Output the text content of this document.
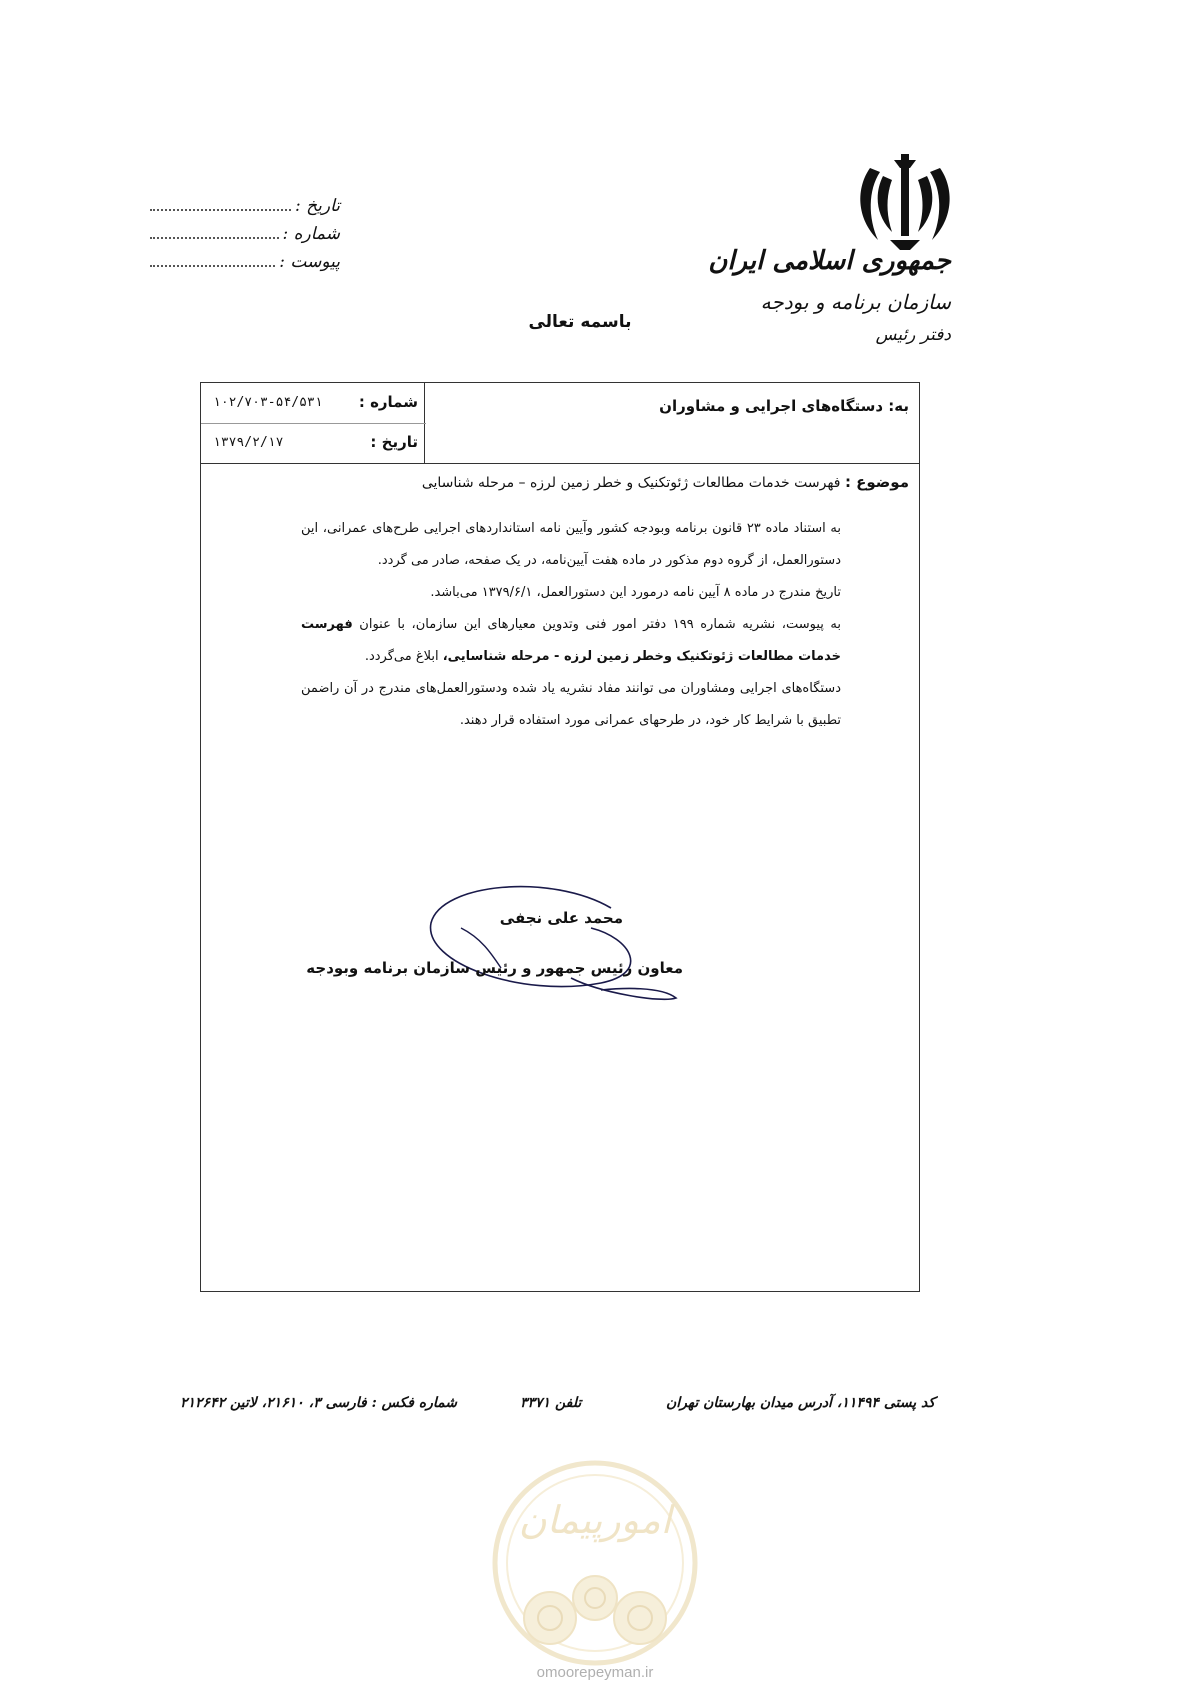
جمهوری اسلامی ایران
سازمان برنامه و بودجه
دفتر رئیس
تاریخ :
شماره :
پیوست :
باسمه تعالی
به: دستگاه‌های اجرایی و مشاوران
شماره :
۱۰۲/۷۰۳-۵۴/۵۳۱
تاریخ :
۱۳۷۹/۲/۱۷
موضوع : فهرست خدمات مطالعات ژئوتکنیک و خطر زمین لرزه – مرحله شناسایی

به استناد ماده ۲۳ قانون برنامه وبودجه کشور وآیین نامه استانداردهای اجرایی طرح‌های عمرانی، این دستورالعمل، از گروه دوم مذکور در ماده هفت آیین‌نامه، در یک صفحه، صادر می گردد.

تاریخ مندرج در ماده ۸ آیین نامه درمورد این دستورالعمل، ۱۳۷۹/۶/۱ می‌باشد.

به پیوست، نشریه شماره ۱۹۹ دفتر امور فنی وتدوین معیارهای این سازمان، با عنوان فهرست خدمات مطالعات ژئوتکنیک وخطر زمین لرزه - مرحله شناسایی، ابلاغ می‌گردد.

دستگاه‌های اجرایی ومشاوران می توانند مفاد نشریه یاد شده ودستورالعمل‌های مندرج در آن راضمن تطبیق با شرایط کار خود، در طرحهای عمرانی مورد استفاده قرار دهند.

محمد علی نجفی
معاون رئیس جمهور و رئیس سازمان برنامه وبودجه
کد پستی ۱۱۴۹۴، آدرس میدان بهارستان تهران
تلفن ۳۳۷۱
شماره فکس : فارسی ۳، ۲۱۶۱۰، لاتین ۲۱۲۶۴۲
امورپیمان
omoorepeyman.ir
